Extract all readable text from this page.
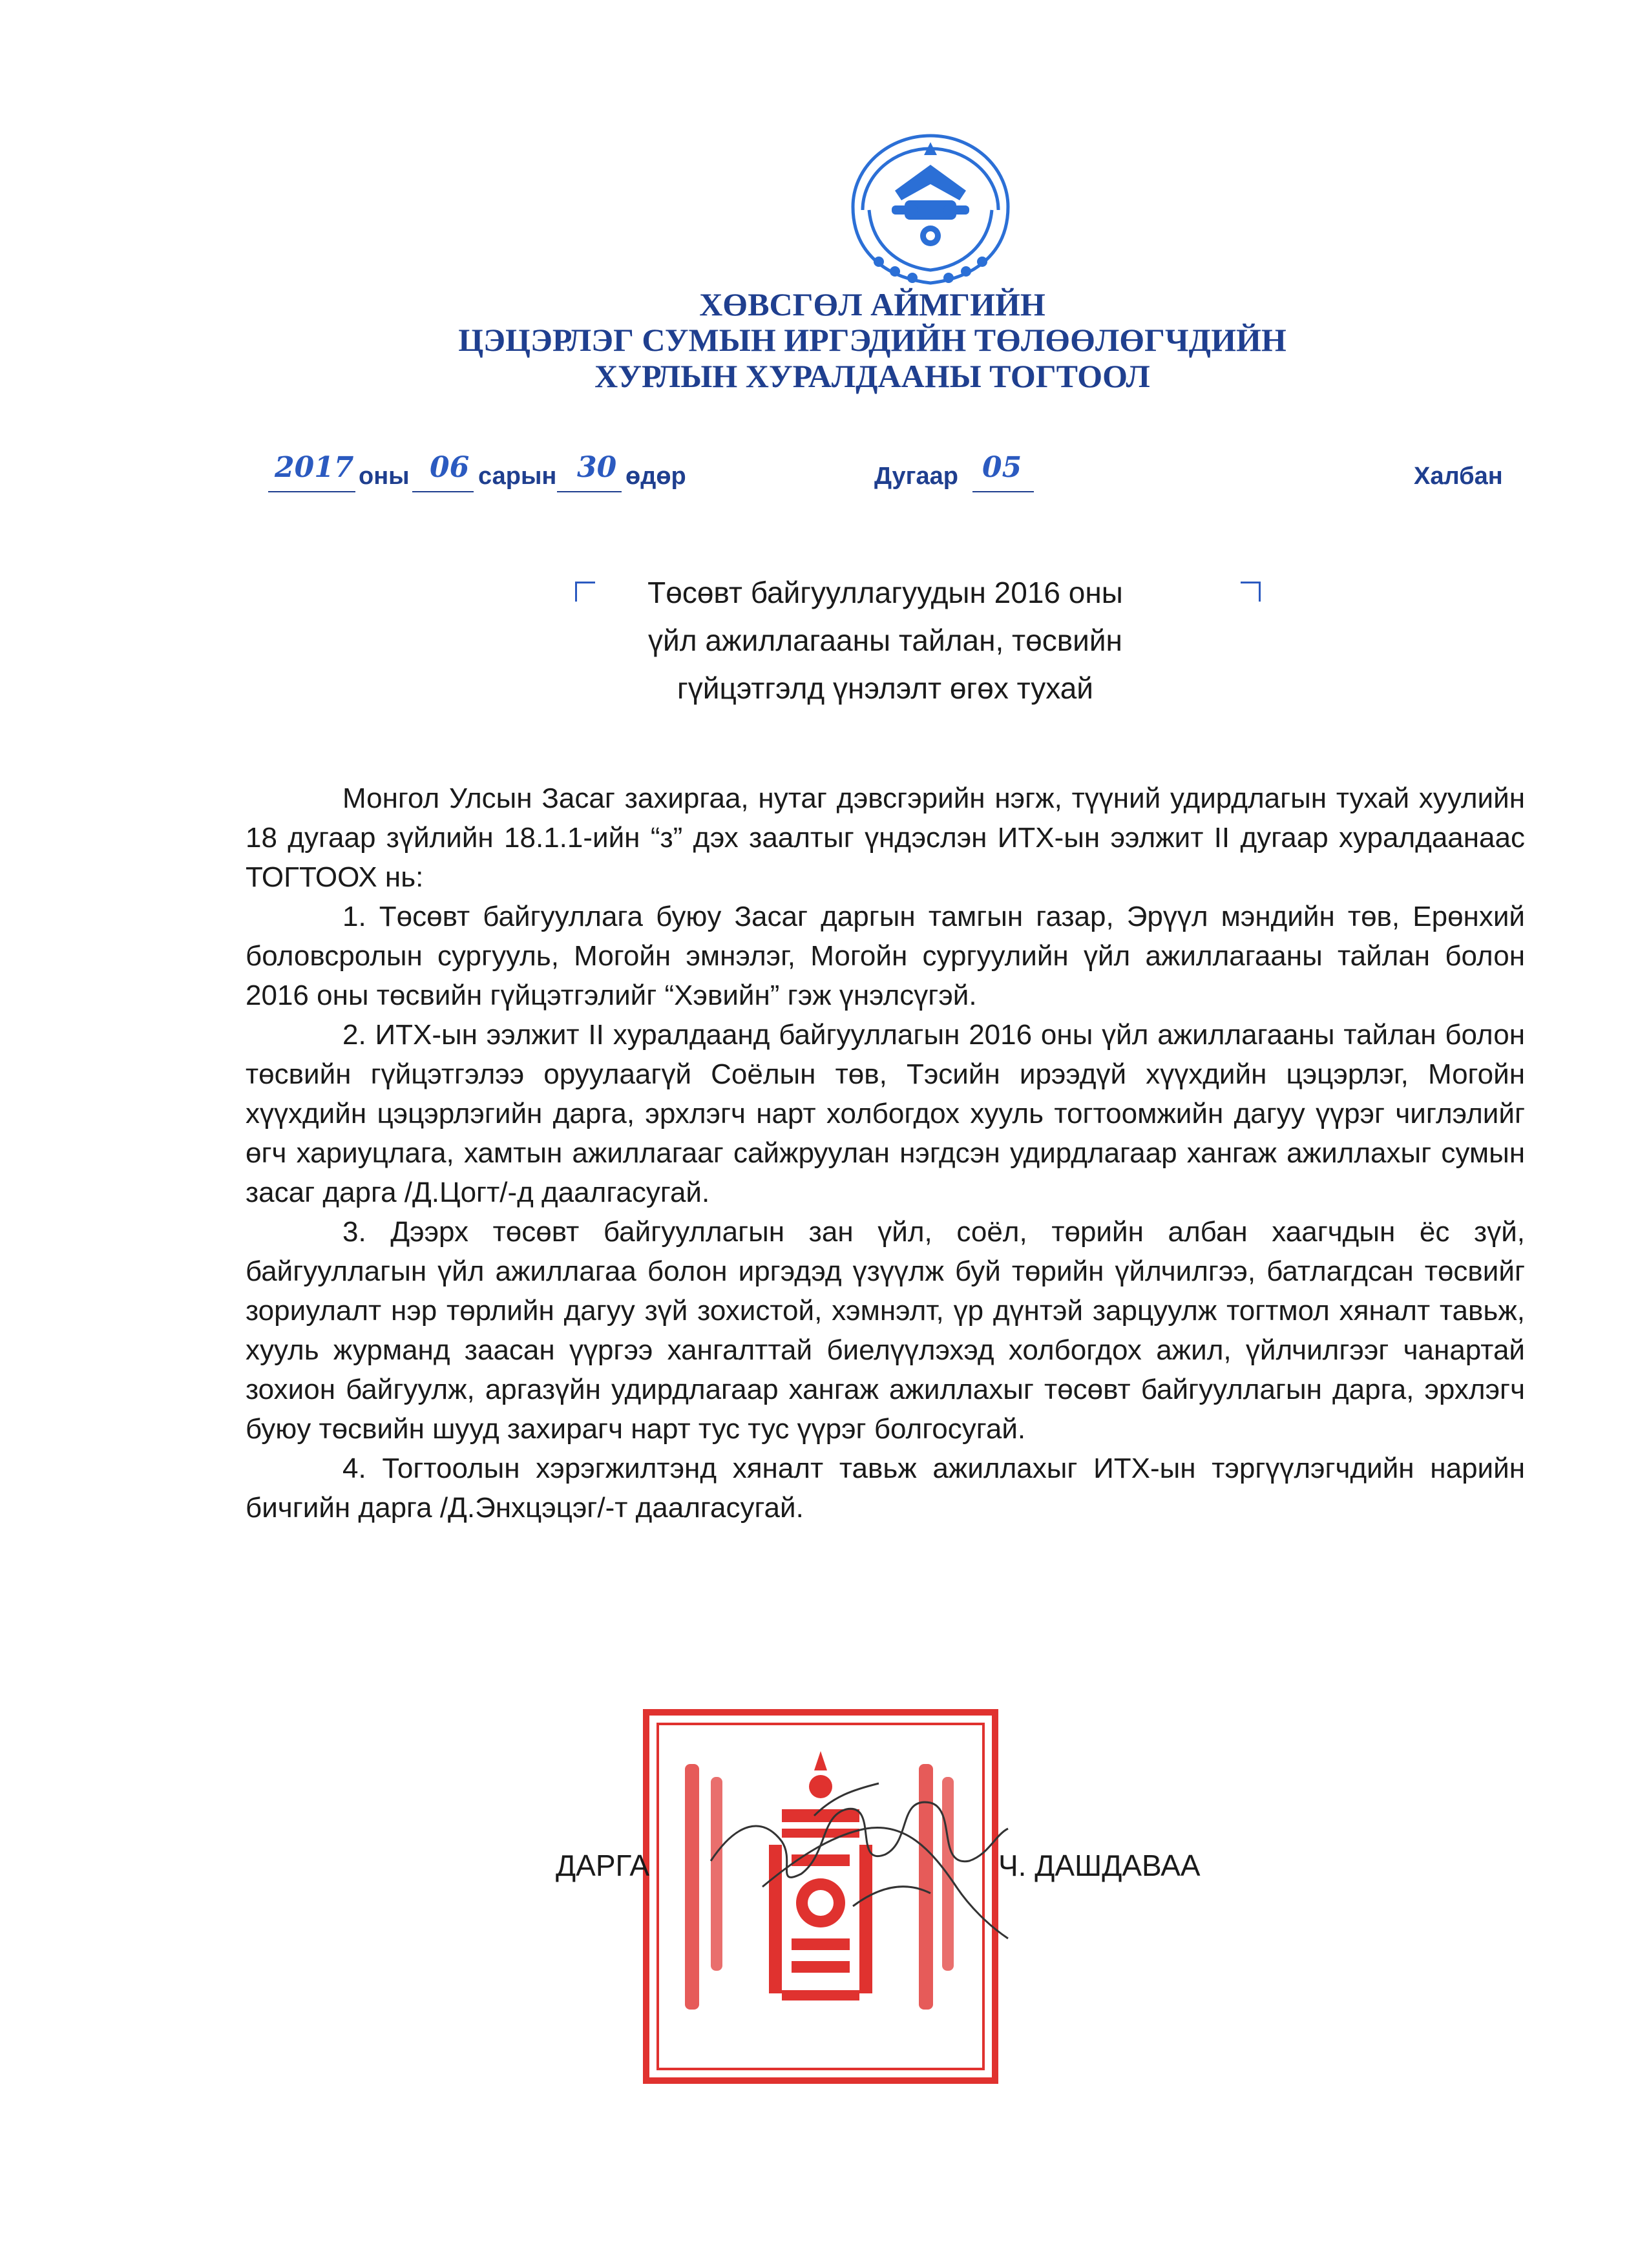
ХӨВСГӨЛ АЙМГИЙН
ЦЭЦЭРЛЭГ СУМЫН ИРГЭДИЙН ТӨЛӨӨЛӨГЧДИЙН
ХУРЛЫН ХУРАЛДААНЫ ТОГТООЛ
2017 оны 06 сарын 30 өдөр	Дугаар 05	Халбан
Төсөвт байгууллагуудын 2016 оны
үйл ажиллагааны тайлан, төсвийн
гүйцэтгэлд үнэлэлт өгөх тухай

Монгол Улсын Засаг захиргаа, нутаг дэвсгэрийн нэгж, түүний удирдлагын тухай хуулийн 18 дугаар зүйлийн 18.1.1-ийн “з” дэх заалтыг үндэслэн ИТХ-ын ээлжит II дугаар хуралдаанаас ТОГТООХ нь:

1. Төсөвт байгууллага буюу Засаг даргын тамгын газар, Эрүүл мэндийн төв, Ерөнхий боловсролын сургууль, Могойн эмнэлэг, Могойн сургуулийн үйл ажиллагааны тайлан болон 2016 оны төсвийн гүйцэтгэлийг “Хэвийн” гэж үнэлсүгэй.

2. ИТХ-ын ээлжит II хуралдаанд байгууллагын 2016 оны үйл ажиллагааны тайлан болон төсвийн гүйцэтгэлээ оруулаагүй Соёлын төв, Тэсийн ирээдүй хүүхдийн цэцэрлэг, Могойн хүүхдийн цэцэрлэгийн дарга, эрхлэгч нарт холбогдох хууль тогтоомжийн дагуу үүрэг чиглэлийг өгч хариуцлага, хамтын ажиллагааг сайжруулан нэгдсэн удирдлагаар хангаж ажиллахыг сумын засаг дарга /Д.Цогт/-д даалгасугай.

3. Дээрх төсөвт байгууллагын зан үйл, соёл, төрийн албан хаагчдын ёс зүй, байгууллагын үйл ажиллагаа болон иргэдэд үзүүлж буй төрийн үйлчилгээ, батлагдсан төсвийг зориулалт нэр төрлийн дагуу зүй зохистой, хэмнэлт, үр дүнтэй зарцуулж тогтмол хяналт тавьж, хууль журманд заасан үүргээ хангалттай биелүүлэхэд холбогдох ажил, үйлчилгээг чанартай зохион байгуулж, аргазүйн удирдлагаар хангаж ажиллахыг төсөвт байгууллагын дарга, эрхлэгч буюу төсвийн шууд захирагч нарт тус тус үүрэг болгосугай.

4. Тогтоолын хэрэгжилтэнд хяналт тавьж ажиллахыг ИТХ-ын тэргүүлэгчдийн нарийн бичгийн дарга /Д.Энхцэцэг/-т даалгасугай.

ДАРГА	Ч. ДАШДАВАА
